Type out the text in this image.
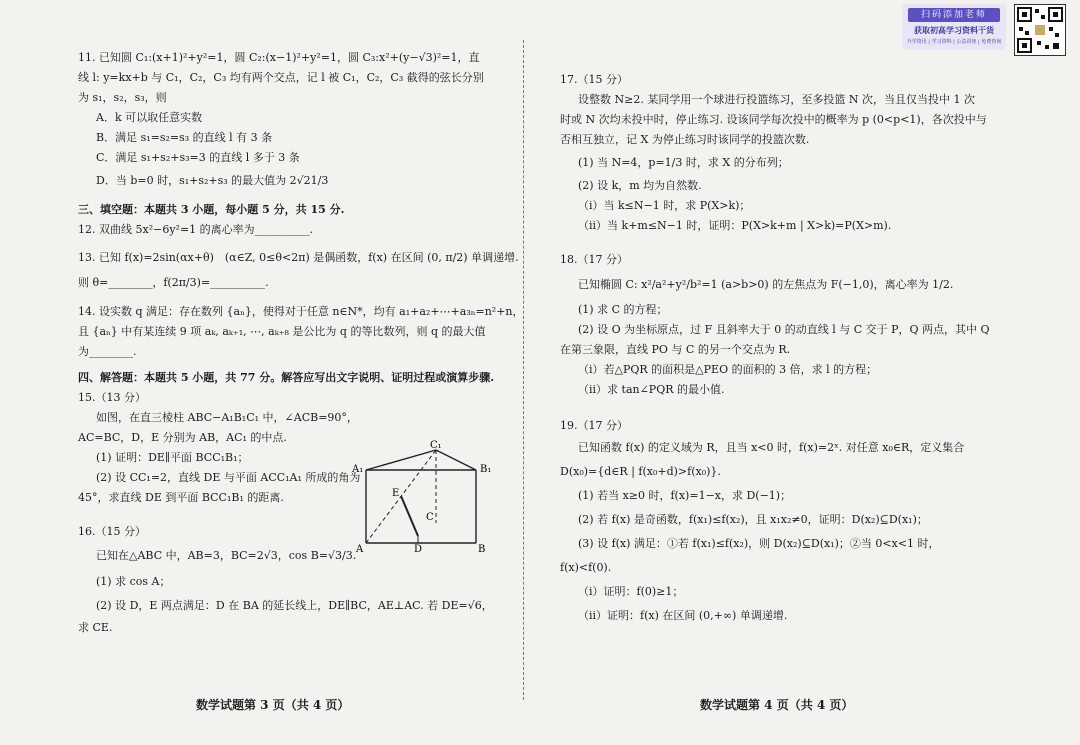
扫码添加老师
获取初高学习资料干货
升学资讯 | 学习资料 | 公益讲座 | 免费咨询
11. 已知圆 C₁:(x+1)²+y²=1，圆 C₂:(x−1)²+y²=1，圆 C₃:x²+(y−√3)²=1，直
线 l: y=kx+b 与 C₁，C₂，C₃ 均有两个交点，记 l 被 C₁，C₂，C₃ 截得的弦长分别
为 s₁，s₂，s₃，则
A．k 可以取任意实数
B．满足 s₁=s₂=s₃ 的直线 l 有 3 条
C．满足 s₁+s₂+s₃=3 的直线 l 多于 3 条
D．当 b=0 时，s₁+s₂+s₃ 的最大值为 2√21/3
三、填空题：本题共 3 小题，每小题 5 分，共 15 分.
12. 双曲线 5x²−6y²=1 的离心率为__________.
13. 已知 f(x)=2sin(αx+θ)　(α∈Z, 0≤θ<2π) 是偶函数，f(x) 在区间 (0, π/2) 单调递增.
则 θ=________，f(2π/3)=__________.
14. 设实数 q 满足：存在数列 {aₙ}，使得对于任意 n∈N*，均有 a₁+a₂+⋯+a₃ₙ=n²+n，
且 {aₙ} 中有某连续 9 项 aₖ, aₖ₊₁, ⋯, aₖ₊₈ 是公比为 q 的等比数列，则 q 的最大值
为________.
四、解答题：本题共 5 小题，共 77 分。解答应写出文字说明、证明过程或演算步骤.
15.（13 分）
如图，在直三棱柱 ABC−A₁B₁C₁ 中，∠ACB=90°，
AC=BC，D，E 分别为 AB，AC₁ 的中点.
(1) 证明：DE∥平面 BCC₁B₁；
(2) 设 CC₁=2，直线 DE 与平面 ACC₁A₁ 所成的角为
45°，求直线 DE 到平面 BCC₁B₁ 的距离.
16.（15 分）
已知在△ABC 中，AB=3，BC=2√3，cos B=√3/3.
(1) 求 cos A；
(2) 设 D，E 两点满足：D 在 BA 的延长线上，DE∥BC，AE⊥AC. 若 DE=√6，
求 CE.
C₁
A₁	B₁
E
C
A	D	B
17.（15 分）
设整数 N≥2. 某同学用一个球进行投篮练习，至多投篮 N 次，当且仅当投中 1 次
时或 N 次均未投中时，停止练习. 设该同学每次投中的概率为 p (0<p<1)，各次投中与
否相互独立，记 X 为停止练习时该同学的投篮次数.
(1) 当 N=4，p=1/3 时，求 X 的分布列；
(2) 设 k，m 均为自然数.
（i）当 k≤N−1 时，求 P(X>k)；
（ii）当 k+m≤N−1 时，证明：P(X>k+m | X>k)=P(X>m).
18.（17 分）
已知椭圆 C: x²/a²+y²/b²=1 (a>b>0) 的左焦点为 F(−1,0)，离心率为 1/2.
(1) 求 C 的方程；
(2) 设 O 为坐标原点，过 F 且斜率大于 0 的动直线 l 与 C 交于 P，Q 两点，其中 Q
在第三象限，直线 PO 与 C 的另一个交点为 R.
（i）若△PQR 的面积是△PEO 的面积的 3 倍，求 l 的方程；
（ii）求 tan∠PQR 的最小值.
19.（17 分）
已知函数 f(x) 的定义域为 R，且当 x<0 时，f(x)=2ˣ. 对任意 x₀∈R，定义集合
D(x₀)={d∈R | f(x₀+d)>f(x₀)}.
(1) 若当 x≥0 时，f(x)=1−x，求 D(−1)；
(2) 若 f(x) 是奇函数，f(x₁)≤f(x₂)，且 x₁x₂≠0，证明：D(x₂)⊆D(x₁)；
(3) 设 f(x) 满足：①若 f(x₁)≤f(x₂)，则 D(x₂)⊆D(x₁)；②当 0<x<1 时，
f(x)<f(0).
（i）证明：f(0)≥1；
（ii）证明：f(x) 在区间 (0,+∞) 单调递增.
数学试题第 3 页（共 4 页）	数学试题第 4 页（共 4 页）
